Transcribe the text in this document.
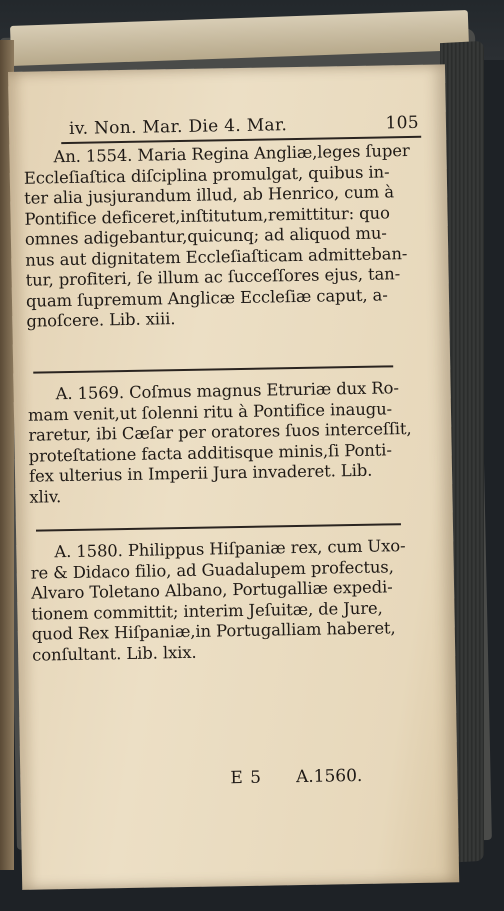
iv. Non. Mar. Die 4. Mar.	105
An. 1554. Maria Regina Angliæ,leges ſuper
Eccleſiaſtica diſciplina promulgat, quibus in-
ter alia jusjurandum illud, ab Henrico, cum à
Pontifice deficeret,inſtitutum,remittitur: quo
omnes adigebantur,quicunq; ad aliquod mu-
nus aut dignitatem Eccleſiaſticam admitteban-
tur, profiteri, ſe illum ac ſucceſſores ejus, tan-
quam ſupremum Anglicæ Eccleſiæ caput, a-
gnoſcere. Lib. xiii.
A. 1569. Coſmus magnus Etruriæ dux Ro-
mam venit,ut ſolenni ritu à Pontifice inaugu-
raretur, ibi Cæſar per oratores ſuos interceſſit,
proteſtatione facta additisque minis,ſi Ponti-
fex ulterius in Imperii Jura invaderet. Lib.
xliv.
A. 1580. Philippus Hiſpaniæ rex, cum Uxo-
re & Didaco filio, ad Guadalupem profectus,
Alvaro Toletano Albano, Portugalliæ expedi-
tionem committit; interim Jeſuitæ, de Jure,
quod Rex Hiſpaniæ,in Portugalliam haberet,
conſultant. Lib. lxix.
E 5 A.1560.
